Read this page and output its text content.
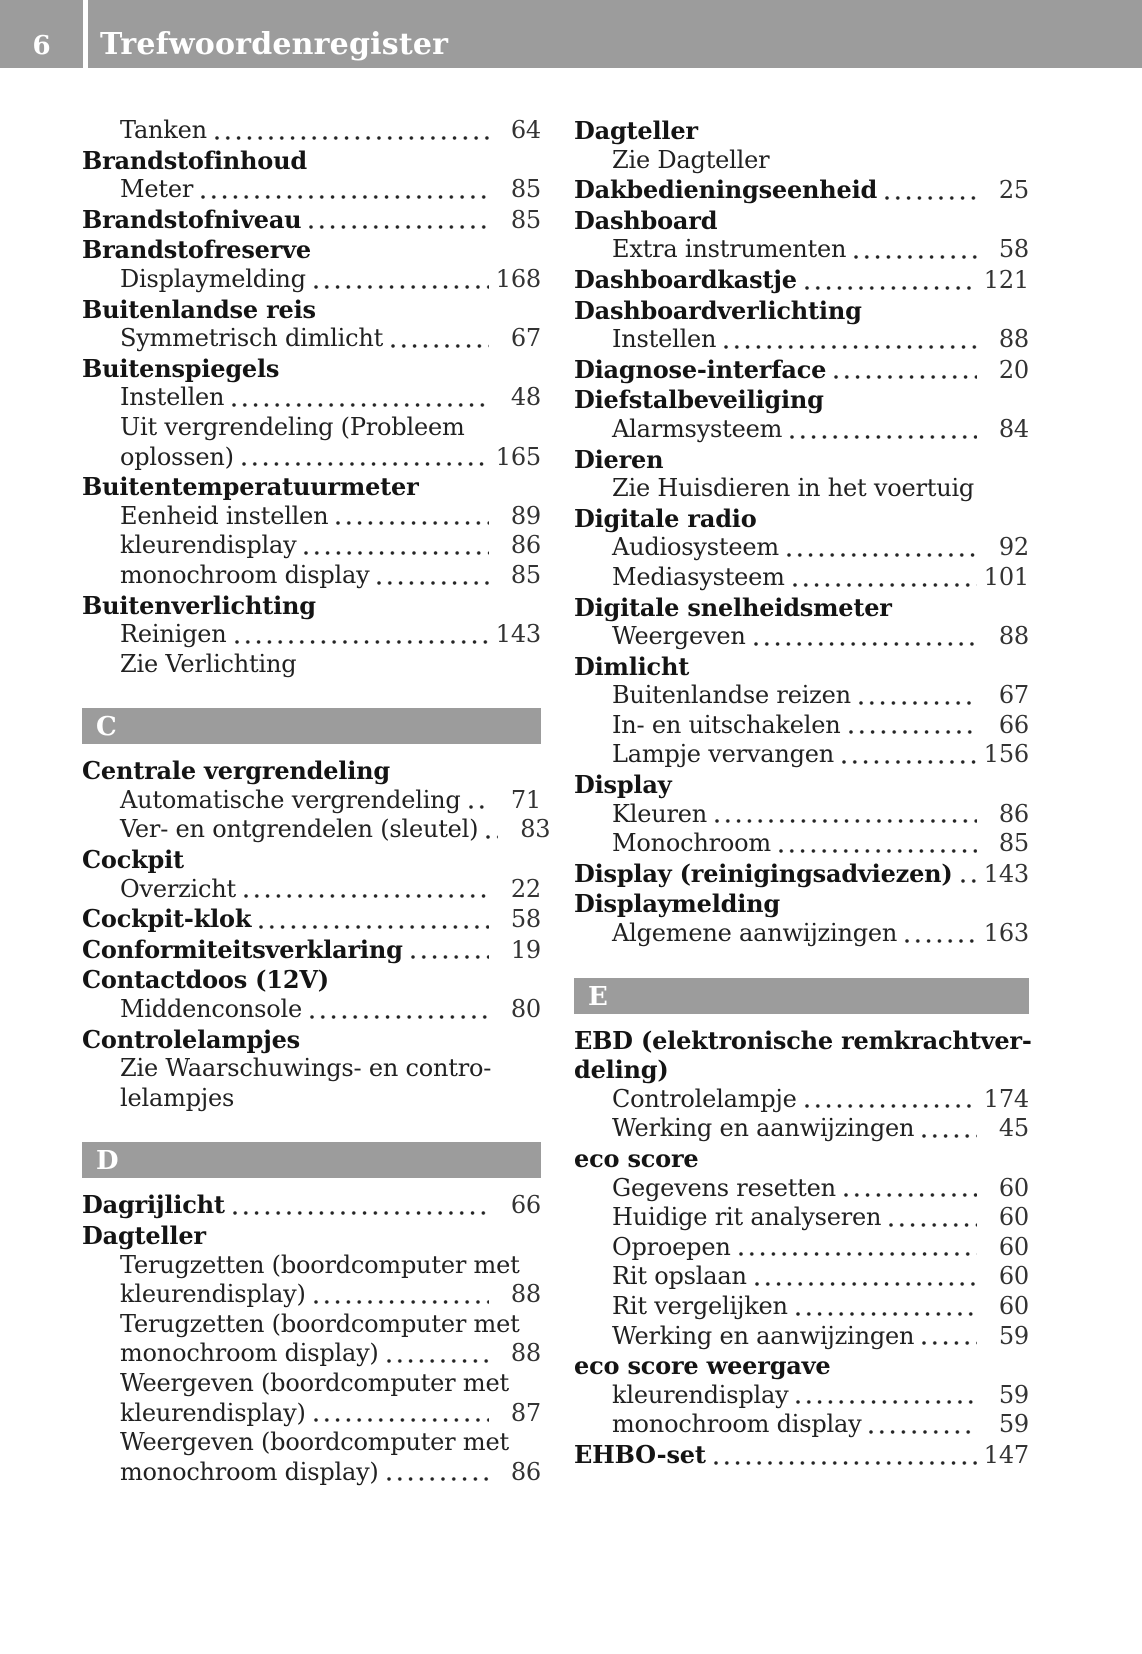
6 Trefwoordenregister
Tanken	64
Brandstofinhoud
Meter	85
Brandstofniveau	85
Brandstofreserve
Displaymelding	168
Buitenlandse reis
Symmetrisch dimlicht	67
Buitenspiegels
Instellen	48
Uit vergrendeling (Probleem
oplossen)	165
Buitentemperatuurmeter
Eenheid instellen	89
kleurendisplay	86
monochroom display	85
Buitenverlichting
Reinigen	143
Zie Verlichting
C
Centrale vergrendeling
Automatische vergrendeling	71
Ver- en ontgrendelen (sleutel)	83
Cockpit
Overzicht	22
Cockpit-klok	58
Conformiteitsverklaring	19
Contactdoos (12V)
Middenconsole	80
Controlelampjes
Zie Waarschuwings- en contro-
lelampjes
D
Dagrijlicht	66
Dagteller
Terugzetten (boordcomputer met
kleurendisplay)	88
Terugzetten (boordcomputer met
monochroom display)	88
Weergeven (boordcomputer met
kleurendisplay)	87
Weergeven (boordcomputer met
monochroom display)	86
Dagteller
Zie Dagteller
Dakbedieningseenheid	25
Dashboard
Extra instrumenten	58
Dashboardkastje	121
Dashboardverlichting
Instellen	88
Diagnose-interface	20
Diefstalbeveiliging
Alarmsysteem	84
Dieren
Zie Huisdieren in het voertuig
Digitale radio
Audiosysteem	92
Mediasysteem	101
Digitale snelheidsmeter
Weergeven	88
Dimlicht
Buitenlandse reizen	67
In- en uitschakelen	66
Lampje vervangen	156
Display
Kleuren	86
Monochroom	85
Display (reinigingsadviezen) 143
Displaymelding
Algemene aanwijzingen	163
E
EBD (elektronische remkrachtver-
deling)
Controlelampje	174
Werking en aanwijzingen	45
eco score
Gegevens resetten	60
Huidige rit analyseren	60
Oproepen	60
Rit opslaan	60
Rit vergelijken	60
Werking en aanwijzingen	59
eco score weergave
kleurendisplay	59
monochroom display	59
EHBO-set	147
